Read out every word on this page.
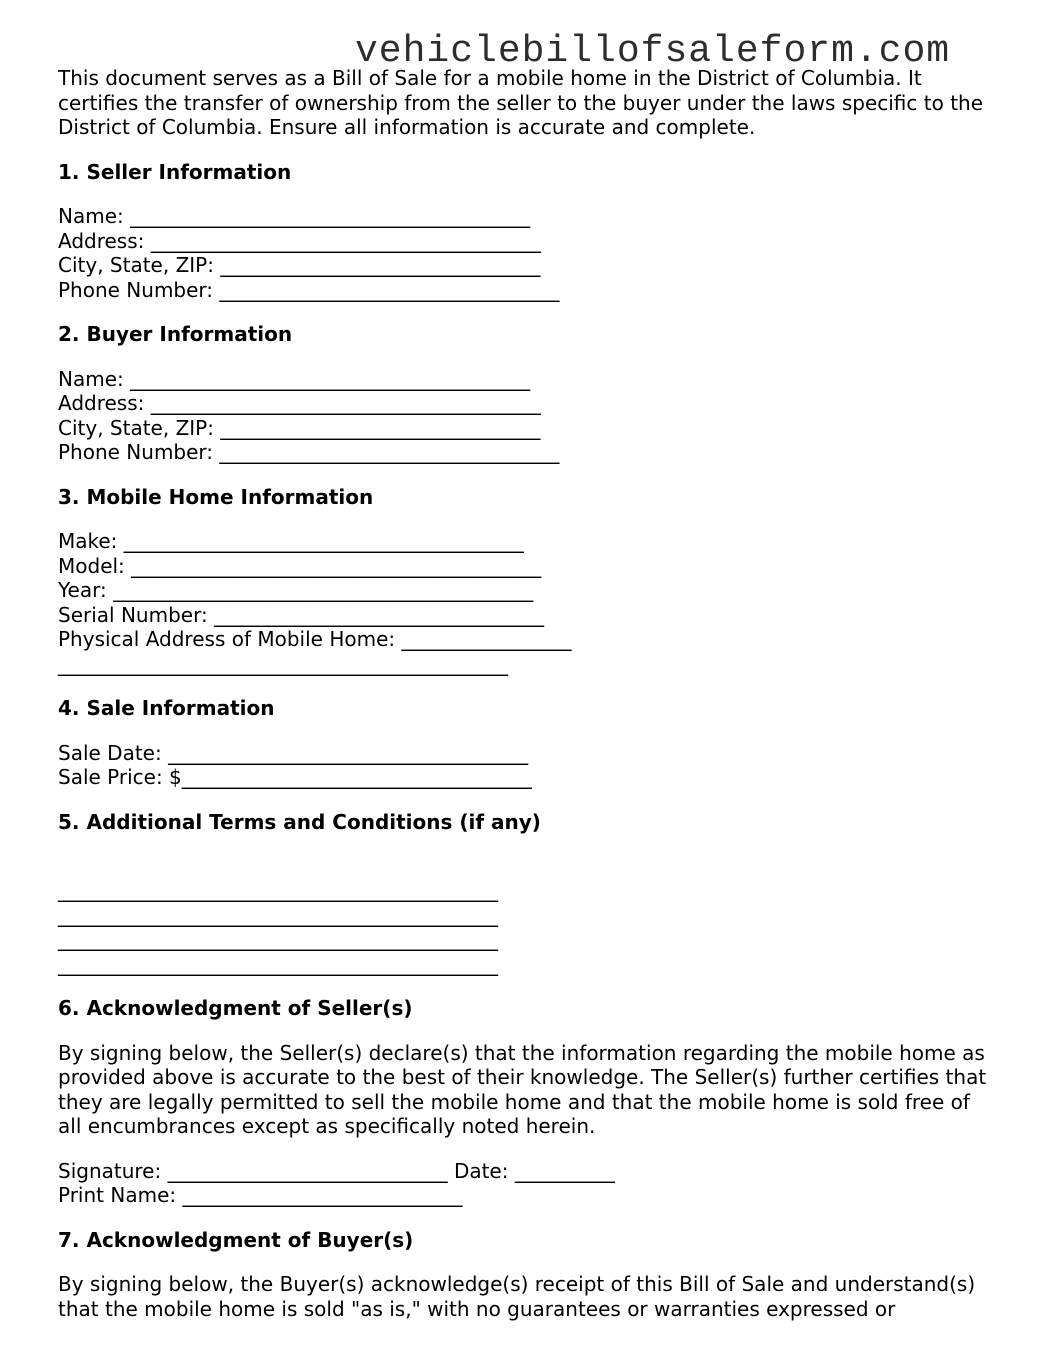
vehiclebillofsaleform.com

This document serves as a Bill of Sale for a mobile home in the District of Columbia. It certifies the transfer of ownership from the seller to the buyer under the laws specific to the District of Columbia. Ensure all information is accurate and complete.

1. Seller Information
Name: ________________________________________
Address: _______________________________________
City, State, ZIP: ________________________________
Phone Number: __________________________________
2. Buyer Information
Name: ________________________________________
Address: _______________________________________
City, State, ZIP: ________________________________
Phone Number: __________________________________
3. Mobile Home Information
Make: ________________________________________
Model: _________________________________________
Year: __________________________________________
Serial Number: _________________________________
Physical Address of Mobile Home: _________________
_____________________________________________
4. Sale Information
Sale Date: ____________________________________
Sale Price: $___________________________________
5. Additional Terms and Conditions (if any)
____________________________________________
____________________________________________
____________________________________________
____________________________________________
6. Acknowledgment of Seller(s)

By signing below, the Seller(s) declare(s) that the information regarding the mobile home as provided above is accurate to the best of their knowledge. The Seller(s) further certifies that they are legally permitted to sell the mobile home and that the mobile home is sold free of all encumbrances except as specifically noted herein.

Signature: ____________________________ Date: __________
Print Name: ____________________________
7. Acknowledgment of Buyer(s)

By signing below, the Buyer(s) acknowledge(s) receipt of this Bill of Sale and understand(s) that the mobile home is sold "as is," with no guarantees or warranties expressed or
